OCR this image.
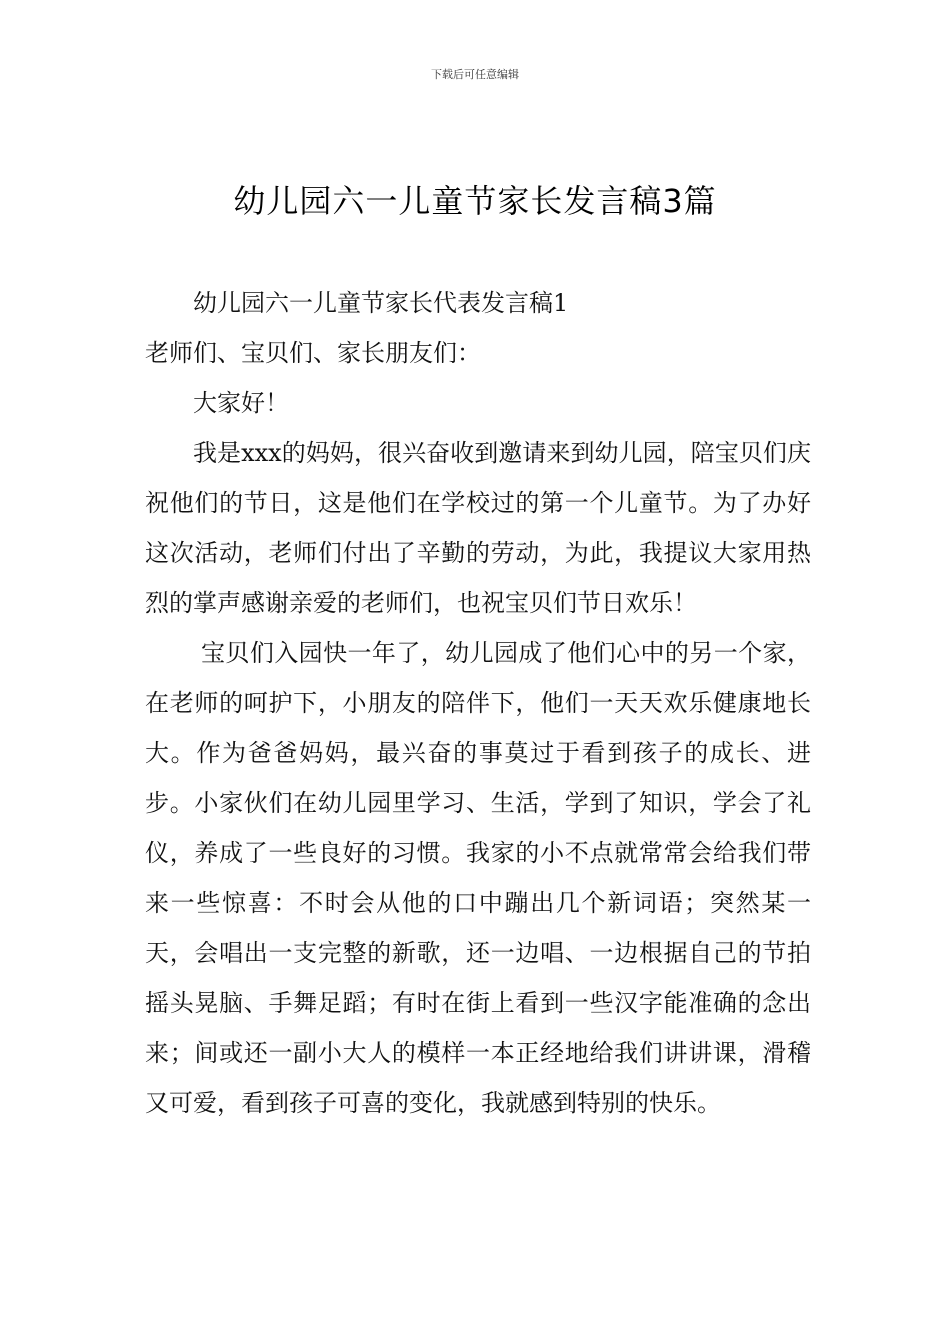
下载后可任意编辑
幼儿园六一儿童节家长发言稿3篇

幼儿园六一儿童节家长代表发言稿1

老师们、宝贝们、家长朋友们：

大家好！

我是xxx的妈妈，很兴奋收到邀请来到幼儿园，陪宝贝们庆祝他们的节日，这是他们在学校过的第一个儿童节。为了办好这次活动，老师们付出了辛勤的劳动，为此，我提议大家用热烈的掌声感谢亲爱的老师们，也祝宝贝们节日欢乐！

宝贝们入园快一年了，幼儿园成了他们心中的另一个家，在老师的呵护下，小朋友的陪伴下，他们一天天欢乐健康地长大。作为爸爸妈妈，最兴奋的事莫过于看到孩子的成长、进步。小家伙们在幼儿园里学习、生活，学到了知识，学会了礼仪，养成了一些良好的习惯。我家的小不点就常常会给我们带来一些惊喜：不时会从他的口中蹦出几个新词语；突然某一天，会唱出一支完整的新歌，还一边唱、一边根据自己的节拍摇头晃脑、手舞足蹈；有时在街上看到一些汉字能准确的念出来；间或还一副小大人的模样一本正经地给我们讲讲课，滑稽又可爱，看到孩子可喜的变化，我就感到特别的快乐。
